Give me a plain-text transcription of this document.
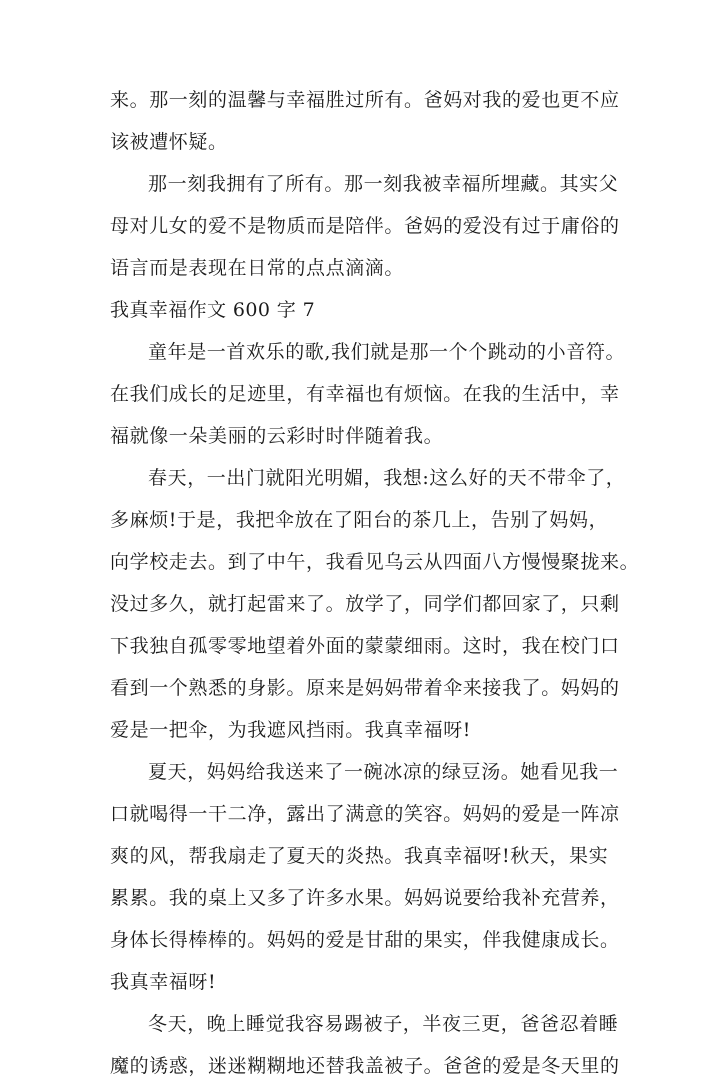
来。那一刻的温馨与幸福胜过所有。爸妈对我的爱也更不应
该被遭怀疑。
那一刻我拥有了所有。那一刻我被幸福所埋藏。其实父
母对儿女的爱不是物质而是陪伴。爸妈的爱没有过于庸俗的
语言而是表现在日常的点点滴滴。
我真幸福作文 600 字 7
童年是一首欢乐的歌,我们就是那一个个跳动的小音符。
在我们成长的足迹里，有幸福也有烦恼。在我的生活中，幸
福就像一朵美丽的云彩时时伴随着我。
春天，一出门就阳光明媚，我想:这么好的天不带伞了，
多麻烦!于是，我把伞放在了阳台的茶几上，告别了妈妈，
向学校走去。到了中午，我看见乌云从四面八方慢慢聚拢来。
没过多久，就打起雷来了。放学了，同学们都回家了，只剩
下我独自孤零零地望着外面的蒙蒙细雨。这时，我在校门口
看到一个熟悉的身影。原来是妈妈带着伞来接我了。妈妈的
爱是一把伞，为我遮风挡雨。我真幸福呀!
夏天，妈妈给我送来了一碗冰凉的绿豆汤。她看见我一
口就喝得一干二净，露出了满意的笑容。妈妈的爱是一阵凉
爽的风，帮我扇走了夏天的炎热。我真幸福呀!秋天，果实
累累。我的桌上又多了许多水果。妈妈说要给我补充营养，
身体长得棒棒的。妈妈的爱是甘甜的果实，伴我健康成长。
我真幸福呀!
冬天，晚上睡觉我容易踢被子，半夜三更，爸爸忍着睡
魔的诱惑，迷迷糊糊地还替我盖被子。爸爸的爱是冬天里的
